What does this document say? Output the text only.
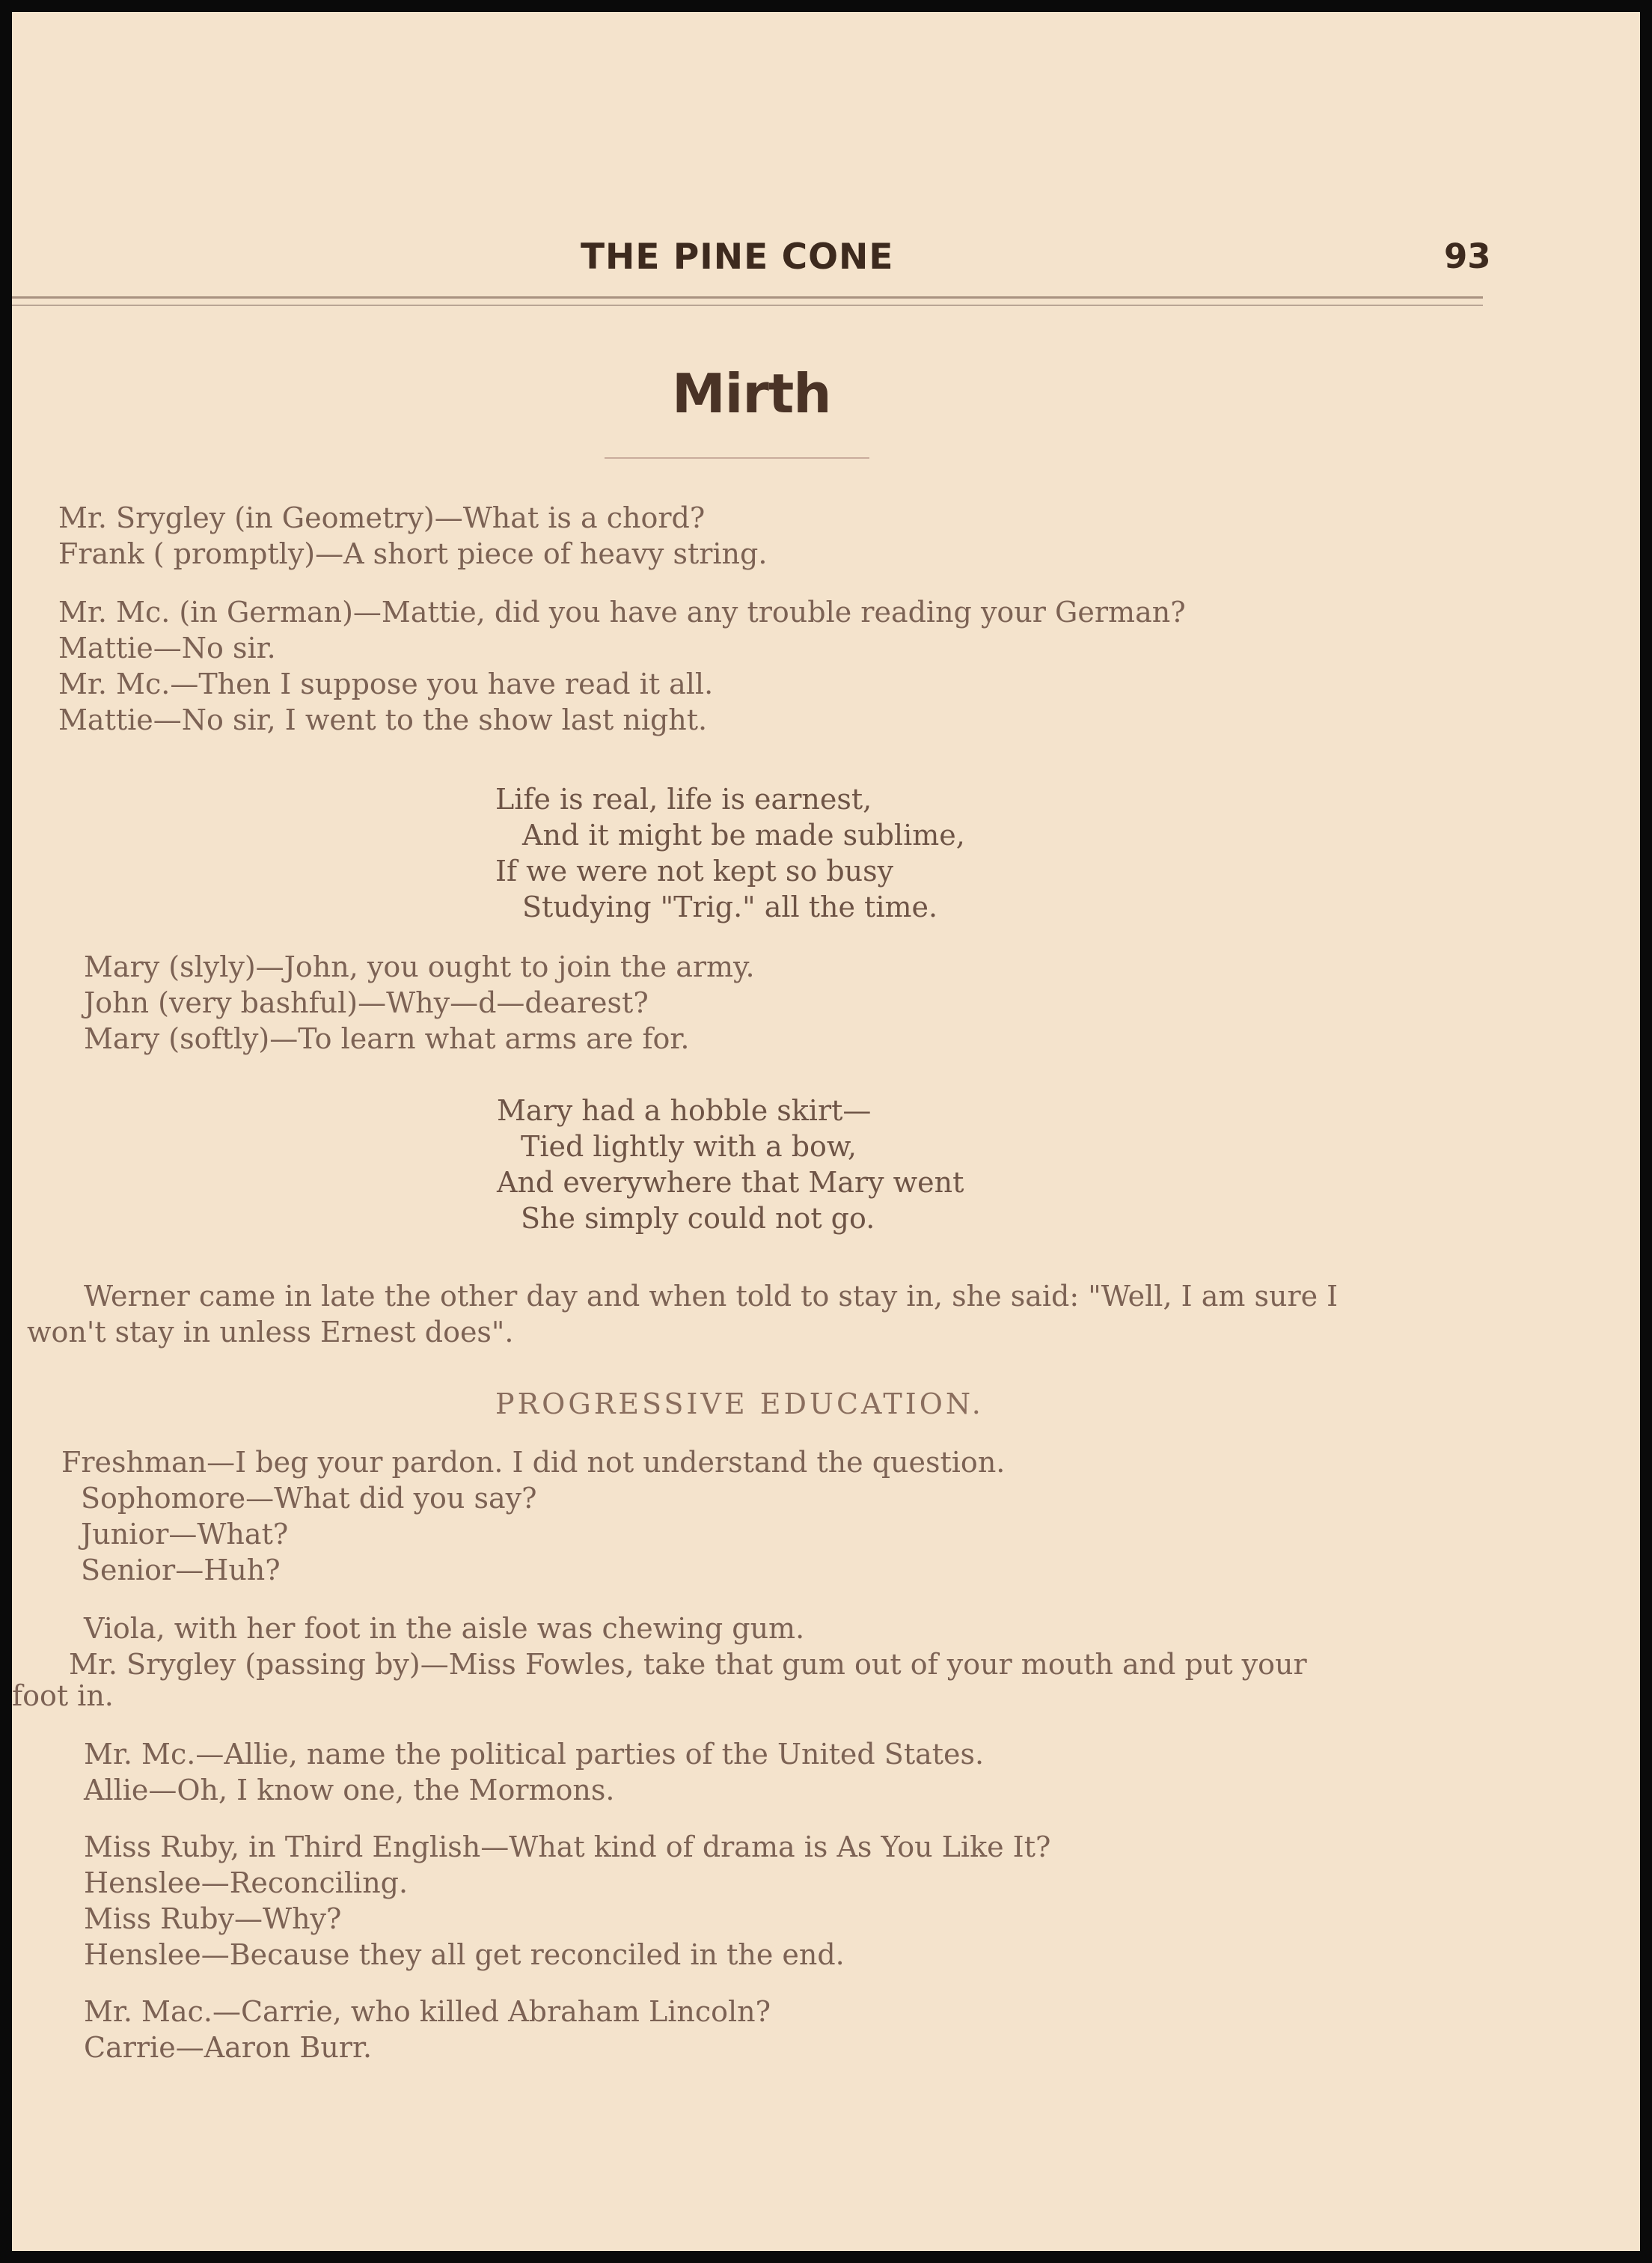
THE PINE CONE	93
Mirth
Mr. Srygley (in Geometry)—What is a chord?
Frank ( promptly)—A short piece of heavy string.
Mr. Mc. (in German)—Mattie, did you have any trouble reading your German?
Mattie—No sir.
Mr. Mc.—Then I suppose you have read it all.
Mattie—No sir, I went to the show last night.
Life is real, life is earnest,
And it might be made sublime,
If we were not kept so busy
Studying "Trig." all the time.
Mary (slyly)—John, you ought to join the army.
John (very bashful)—Why—d—dearest?
Mary (softly)—To learn what arms are for.
Mary had a hobble skirt—
Tied lightly with a bow,
And everywhere that Mary went
She simply could not go.
Werner came in late the other day and when told to stay in, she said: "Well, I am sure I
won't stay in unless Ernest does".
PROGRESSIVE EDUCATION.
Freshman—I beg your pardon. I did not understand the question.
Sophomore—What did you say?
Junior—What?
Senior—Huh?
Viola, with her foot in the aisle was chewing gum.
Mr. Srygley (passing by)—Miss Fowles, take that gum out of your mouth and put your
foot in.
Mr. Mc.—Allie, name the political parties of the United States.
Allie—Oh, I know one, the Mormons.
Miss Ruby, in Third English—What kind of drama is As You Like It?
Henslee—Reconciling.
Miss Ruby—Why?
Henslee—Because they all get reconciled in the end.
Mr. Mac.—Carrie, who killed Abraham Lincoln?
Carrie—Aaron Burr.
